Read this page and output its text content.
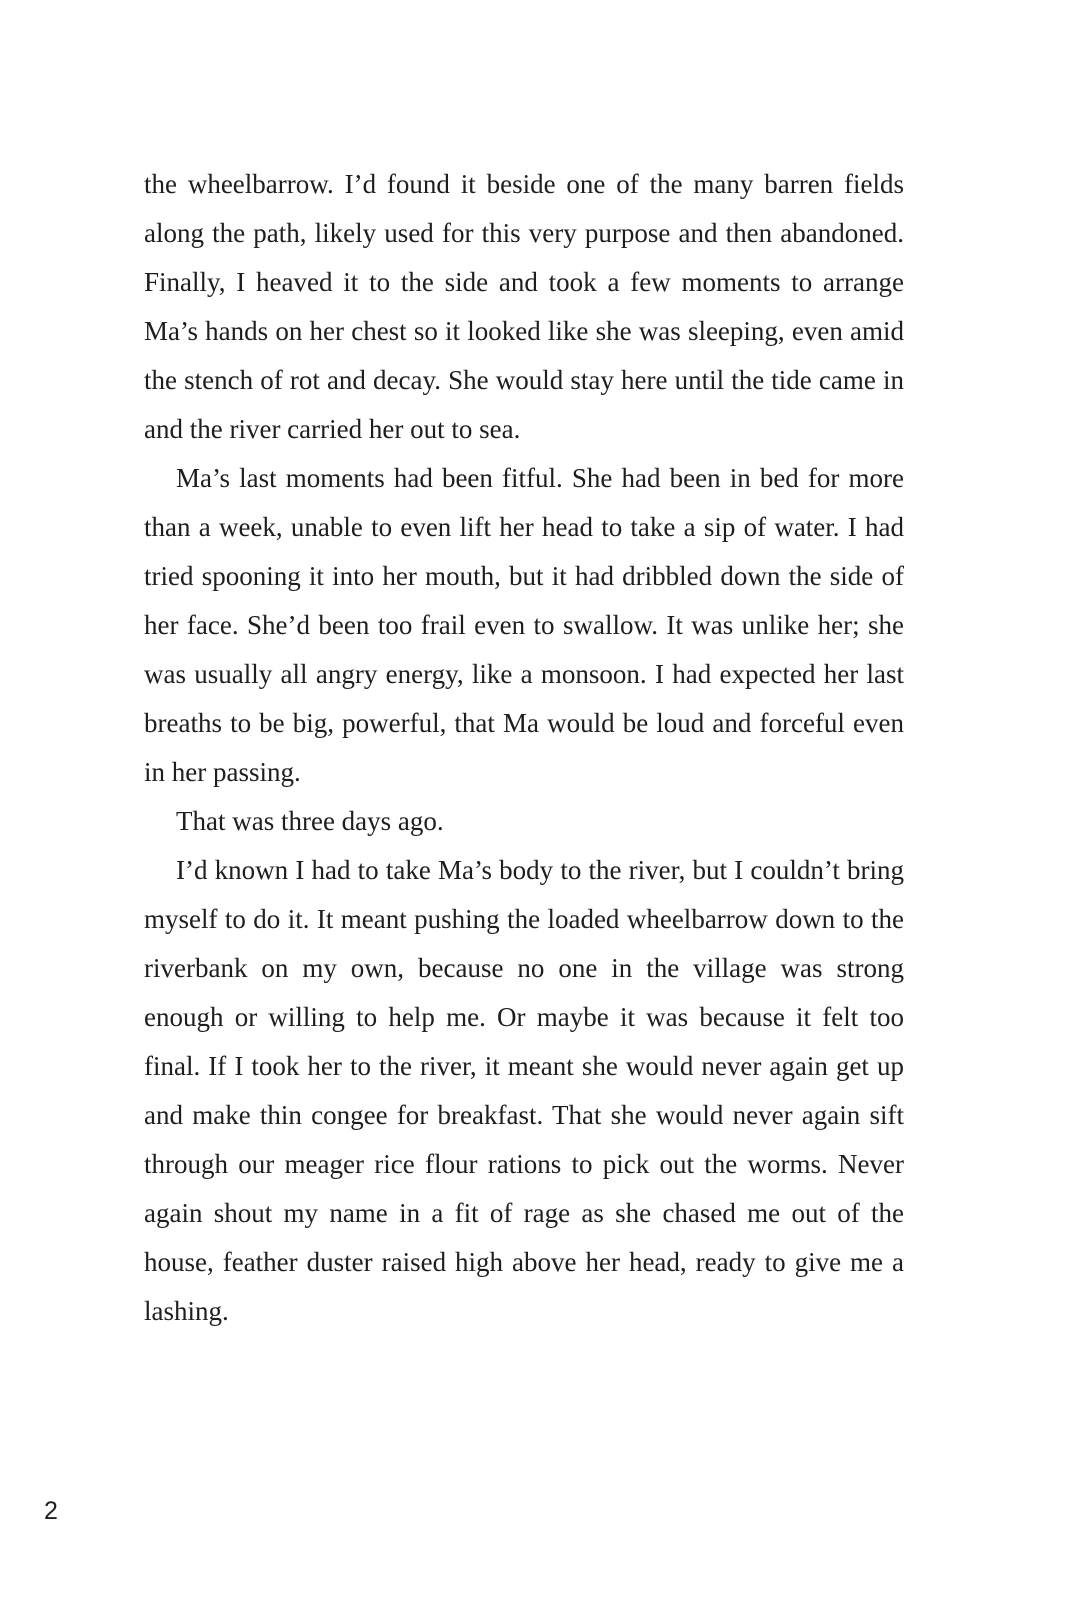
the wheelbarrow. I’d found it beside one of the many barren fields along the path, likely used for this very purpose and then abandoned. Finally, I heaved it to the side and took a few moments to arrange Ma’s hands on her chest so it looked like she was sleeping, even amid the stench of rot and decay. She would stay here until the tide came in and the river carried her out to sea.

Ma’s last moments had been fitful. She had been in bed for more than a week, unable to even lift her head to take a sip of water. I had tried spooning it into her mouth, but it had dribbled down the side of her face. She’d been too frail even to swallow. It was unlike her; she was usually all angry energy, like a monsoon. I had expected her last breaths to be big, powerful, that Ma would be loud and forceful even in her passing.

That was three days ago.

I’d known I had to take Ma’s body to the river, but I couldn’t bring myself to do it. It meant pushing the loaded wheelbarrow down to the riverbank on my own, because no one in the village was strong enough or willing to help me. Or maybe it was because it felt too final. If I took her to the river, it meant she would never again get up and make thin congee for breakfast. That she would never again sift through our meager rice flour rations to pick out the worms. Never again shout my name in a fit of rage as she chased me out of the house, feather duster raised high above her head, ready to give me a lashing.

2
